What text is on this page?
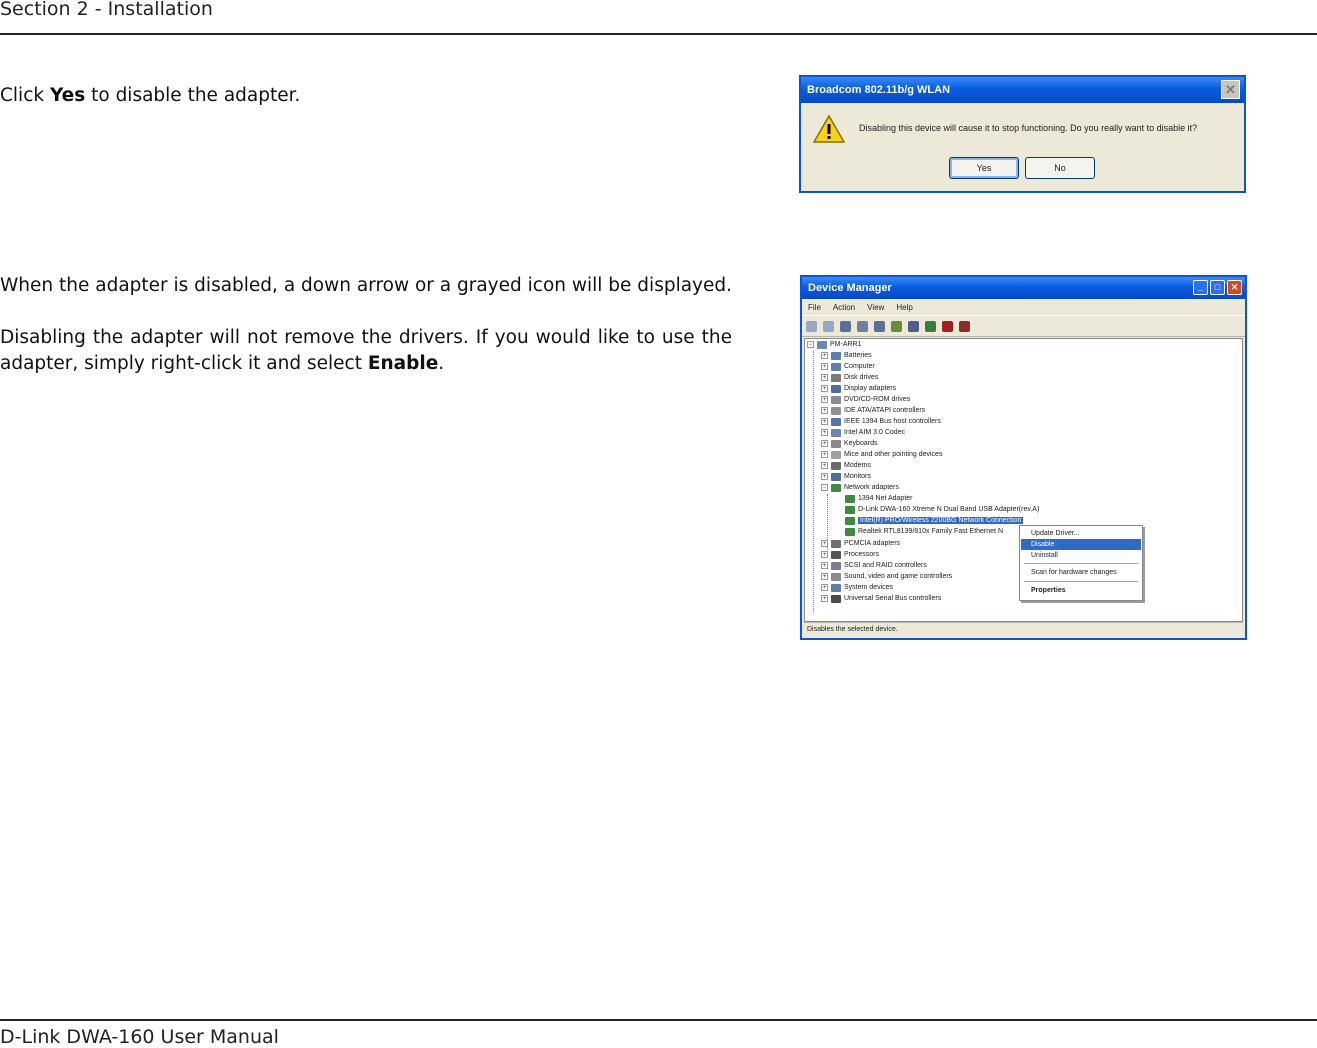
Section 2 - Installation
Click Yes to disable the adapter.
When the adapter is disabled, a down arrow or a grayed icon will be displayed.
Disabling the adapter will not remove the drivers. If you would like to use the adapter, simply right-click it and select Enable.
Broadcom 802.11b/g WLAN	✕
Disabling this device will cause it to stop functioning. Do you really want to disable it?
Yes	No
Device Manager	_	□	✕
File Action View Help
−	PM-ARR1
+	Batteries
+	Computer
+	Disk drives
+	Display adapters
+	DVD/CD-ROM drives
+	IDE ATA/ATAPI controllers
+	IEEE 1394 Bus host controllers
+	Intel AIM 3.0 Codec
+	Keyboards
+	Mice and other pointing devices
+	Modems
+	Monitors
−	Network adapters
1394 Net Adapter
D-Link DWA-160 Xtreme N Dual Band USB Adapter(rev.A)
Intel(R) PRO/Wireless 2200BG Network Connection
Realtek RTL8139/810x Family Fast Ethernet N
+	PCMCIA adapters
+	Processors
+	SCSI and RAID controllers
+	Sound, video and game controllers
+	System devices
+	Universal Serial Bus controllers
Update Driver...
Disable
Uninstall
Scan for hardware changes
Properties
Disables the selected device.
D-Link DWA-160 User Manual
